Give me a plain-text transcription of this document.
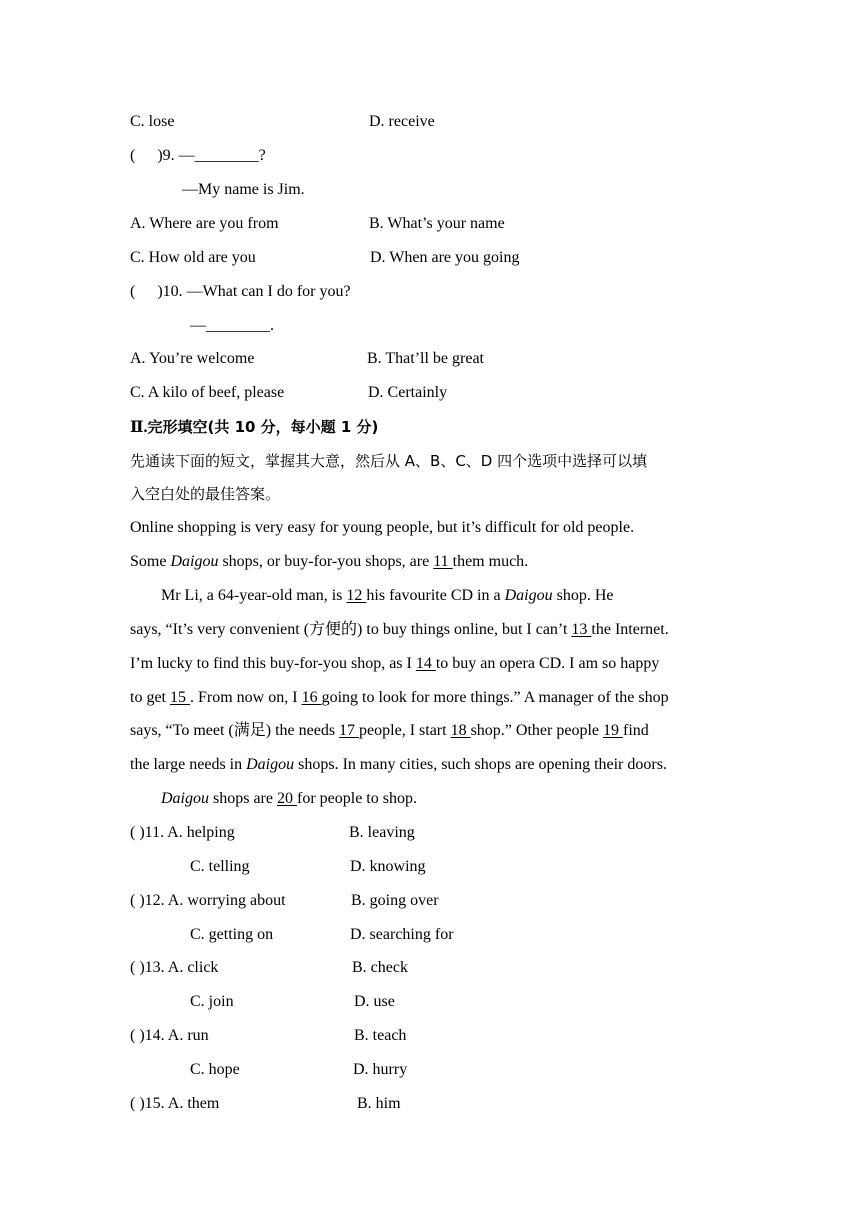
C. lose	D. receive
( )9. —________?
—My name is Jim.
A. Where are you from	B. What’s your name
C. How old are you	D. When are you going
( )10. —What can I do for you?
—________.
A. You’re welcome	B. That’ll be great
C. A kilo of beef, please	D. Certainly
Ⅱ.完形填空(共 10 分，每小题 1 分)
先通读下面的短文，掌握其大意，然后从 A、B、C、D 四个选项中选择可以填
入空白处的最佳答案。
Online shopping is very easy for young people, but it’s difficult for old people.
Some Daigou shops, or buy-for-you shops, are 11 them much.
Mr Li, a 64-year-old man, is 12 his favourite CD in a Daigou shop. He
says, “It’s very convenient (方便的) to buy things online, but I can’t 13 the Internet.
I’m lucky to find this buy-for-you shop, as I 14 to buy an opera CD. I am so happy
to get 15 . From now on, I 16 going to look for more things.” A manager of the shop
says, “To meet (满足) the needs 17 people, I start 18 shop.” Other people 19 find
the large needs in Daigou shops. In many cities, such shops are opening their doors.
Daigou shops are 20 for people to shop.
( )11. A. helping	B. leaving
C. telling	D. knowing
( )12. A. worrying about	B. going over
C. getting on	D. searching for
( )13. A. click	B. check
C. join	D. use
( )14. A. run	B. teach
C. hope	D. hurry
( )15. A. them	B. him
